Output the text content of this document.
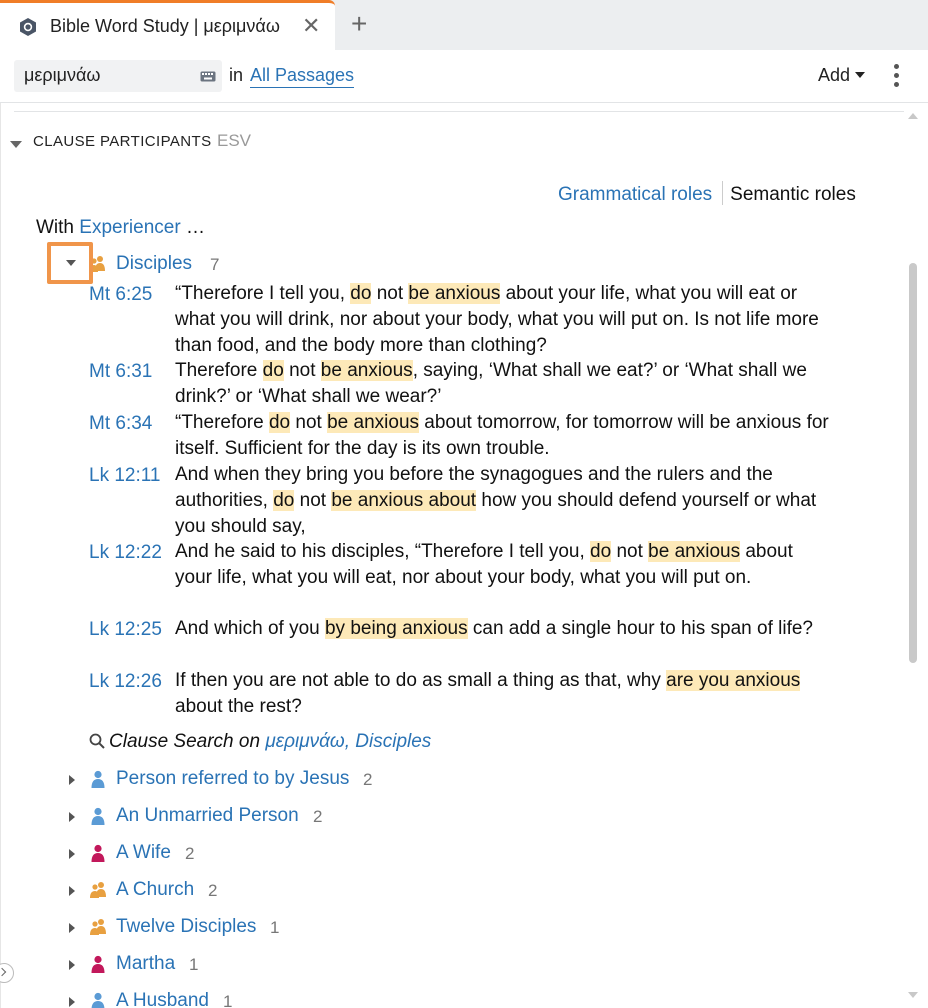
Bible Word Study | μεριμνάω ✕ +
μεριμνάω	in All Passages	Add
CLAUSE PARTICIPANTS ESV
Grammatical roles Semantic roles
With Experiencer …
Disciples 7
Mt 6:25 “Therefore I tell you, do not be anxious about your life, what you will eat or what you will drink, nor about your body, what you will put on. Is not life more than food, and the body more than clothing?
Mt 6:31 Therefore do not be anxious, saying, ‘What shall we eat?’ or ‘What shall we drink?’ or ‘What shall we wear?’
Mt 6:34 “Therefore do not be anxious about tomorrow, for tomorrow will be anxious for itself. Sufficient for the day is its own trouble.
Lk 12:11 And when they bring you before the synagogues and the rulers and the authorities, do not be anxious about how you should defend yourself or what you should say,
Lk 12:22 And he said to his disciples, “Therefore I tell you, do not be anxious about your life, what you will eat, nor about your body, what you will put on.
Lk 12:25 And which of you by being anxious can add a single hour to his span of life?
Lk 12:26 If then you are not able to do as small a thing as that, why are you anxious about the rest?
Clause Search on μεριμνάω, Disciples
Person referred to by Jesus 2
An Unmarried Person 2
A Wife 2
A Church 2
Twelve Disciples 1
Martha 1
A Husband 1
